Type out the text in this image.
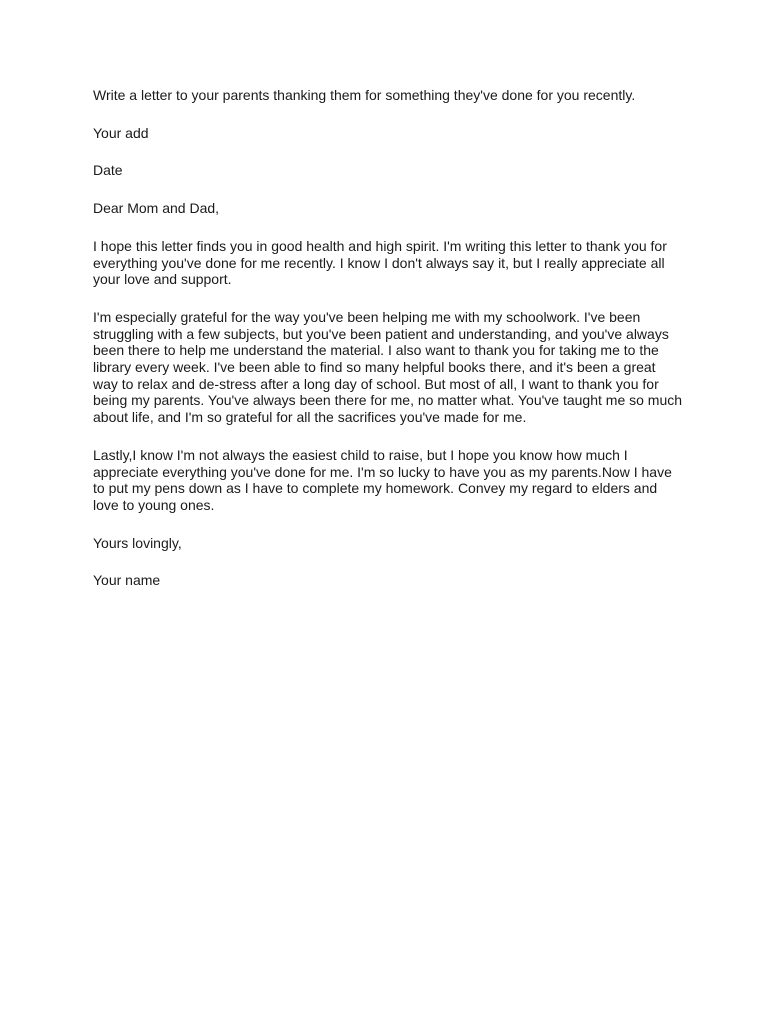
Write a letter to your parents thanking them for something they've done for you recently.

Your add

Date

Dear Mom and Dad,

I hope this letter finds you in good health and high spirit. I'm writing this letter to thank you for everything you've done for me recently. I know I don't always say it, but I really appreciate all your love and support.

I'm especially grateful for the way you've been helping me with my schoolwork. I've been struggling with a few subjects, but you've been patient and understanding, and you've always been there to help me understand the material. I also want to thank you for taking me to the library every week. I've been able to find so many helpful books there, and it's been a great way to relax and de-stress after a long day of school. But most of all, I want to thank you for being my parents. You've always been there for me, no matter what. You've taught me so much about life, and I'm so grateful for all the sacrifices you've made for me.

Lastly,I know I'm not always the easiest child to raise, but I hope you know how much I appreciate everything you've done for me. I'm so lucky to have you as my parents.Now I have to put my pens down as I have to complete my homework. Convey my regard to elders and love to young ones.

Yours lovingly,

Your name
